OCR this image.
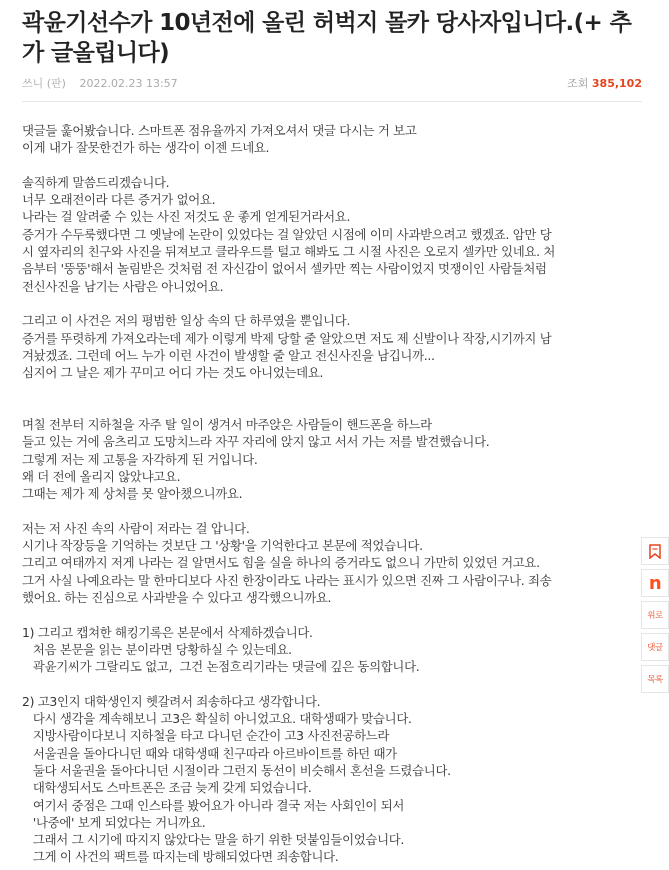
곽윤기선수가 10년전에 올린 허벅지 몰카 당사자입니다.(+ 추가 글올립니다)
쓰니 (판) 2022.02.23 13:57	조회 385,102
댓글들 훑어봤습니다. 스마트폰 점유율까지 가져오셔서 댓글 다시는 거 보고
이게 내가 잘못한건가 하는 생각이 이젠 드네요.
솔직하게 말씀드리겠습니다.
너무 오래전이라 다른 증거가 없어요.
나라는 걸 알려줄 수 있는 사진 저것도 운 좋게 얻게된거라서요.
증거가 수두룩했다면 그 옛날에 논란이 있었다는 걸 알았던 시점에 이미 사과받으려고 했겠죠. 암만 당
시 옆자리의 친구와 사진을 뒤져보고 클라우드를 털고 해봐도 그 시절 사진은 오로지 셀카만 있네요. 처
음부터 '뚱뚱'해서 놀림받은 것처럼 전 자신감이 없어서 셀카만 찍는 사람이었지 멋쟁이인 사람들처럼
전신사진을 남기는 사람은 아니었어요.
그리고 이 사건은 저의 평범한 일상 속의 단 하루였을 뿐입니다.
증거를 뚜렷하게 가져오라는데 제가 이렇게 박제 당할 줄 알았으면 저도 제 신발이나 작장,시기까지 남
겨놨겠죠. 그런데 어느 누가 이런 사건이 발생할 줄 알고 전신사진을 남깁니까...
심지어 그 날은 제가 꾸미고 어디 가는 것도 아니었는데요.
며칠 전부터 지하철을 자주 탈 일이 생겨서 마주앉은 사람들이 핸드폰을 하느라
들고 있는 거에 움츠리고 도망치느라 자꾸 자리에 앉지 않고 서서 가는 저를 발견했습니다.
그렇게 저는 제 고통을 자각하게 된 거입니다.
왜 더 전에 올리지 않았냐고요.
그때는 제가 제 상처를 못 알아챘으니까요.
저는 저 사진 속의 사람이 저라는 걸 압니다.
시기나 작장등을 기억하는 것보단 그 '상황'을 기억한다고 본문에 적었습니다.
그리고 여태까지 저게 나라는 걸 알면서도 힘을 실을 하나의 증거라도 없으니 가만히 있었던 거고요.
그거 사실 나예요라는 말 한마디보다 사진 한장이라도 나라는 표시가 있으면 진짜 그 사람이구나. 죄송
했어요. 하는 진심으로 사과받을 수 있다고 생각했으니까요.
1) 그리고 캡쳐한 해킹기록은 본문에서 삭제하겠습니다.
처음 본문을 읽는 분이라면 당황하실 수 있는데요.
곽윤기씨가 그랄리도 없고,  그건 논점흐리기라는 댓글에 깊은 동의합니다.
2) 고3인지 대학생인지 헷갈려서 죄송하다고 생각합니다.
다시 생각을 계속해보니 고3은 확실히 아니었고요. 대학생때가 맞습니다.
지방사람이다보니 지하철을 타고 다니던 순간이 고3 사진전공하느라
서울권을 돌아다니던 때와 대학생때 친구따라 아르바이트를 하던 때가
둘다 서울권을 돌아다니던 시절이라 그런지 동선이 비슷해서 혼선을 드렸습니다.
대학생되서도 스마트폰은 조금 늦게 갖게 되었습니다.
여기서 중점은 그때 인스타를 봤어요가 아니라 결국 저는 사회인이 되서
'나중에' 보게 되었다는 거니까요.
그래서 그 시기에 따지지 않았다는 말을 하기 위한 덧붙임들이었습니다.
그게 이 사건의 팩트를 따지는데 방해되었다면 죄송합니다.
n
위로
댓글
목록
